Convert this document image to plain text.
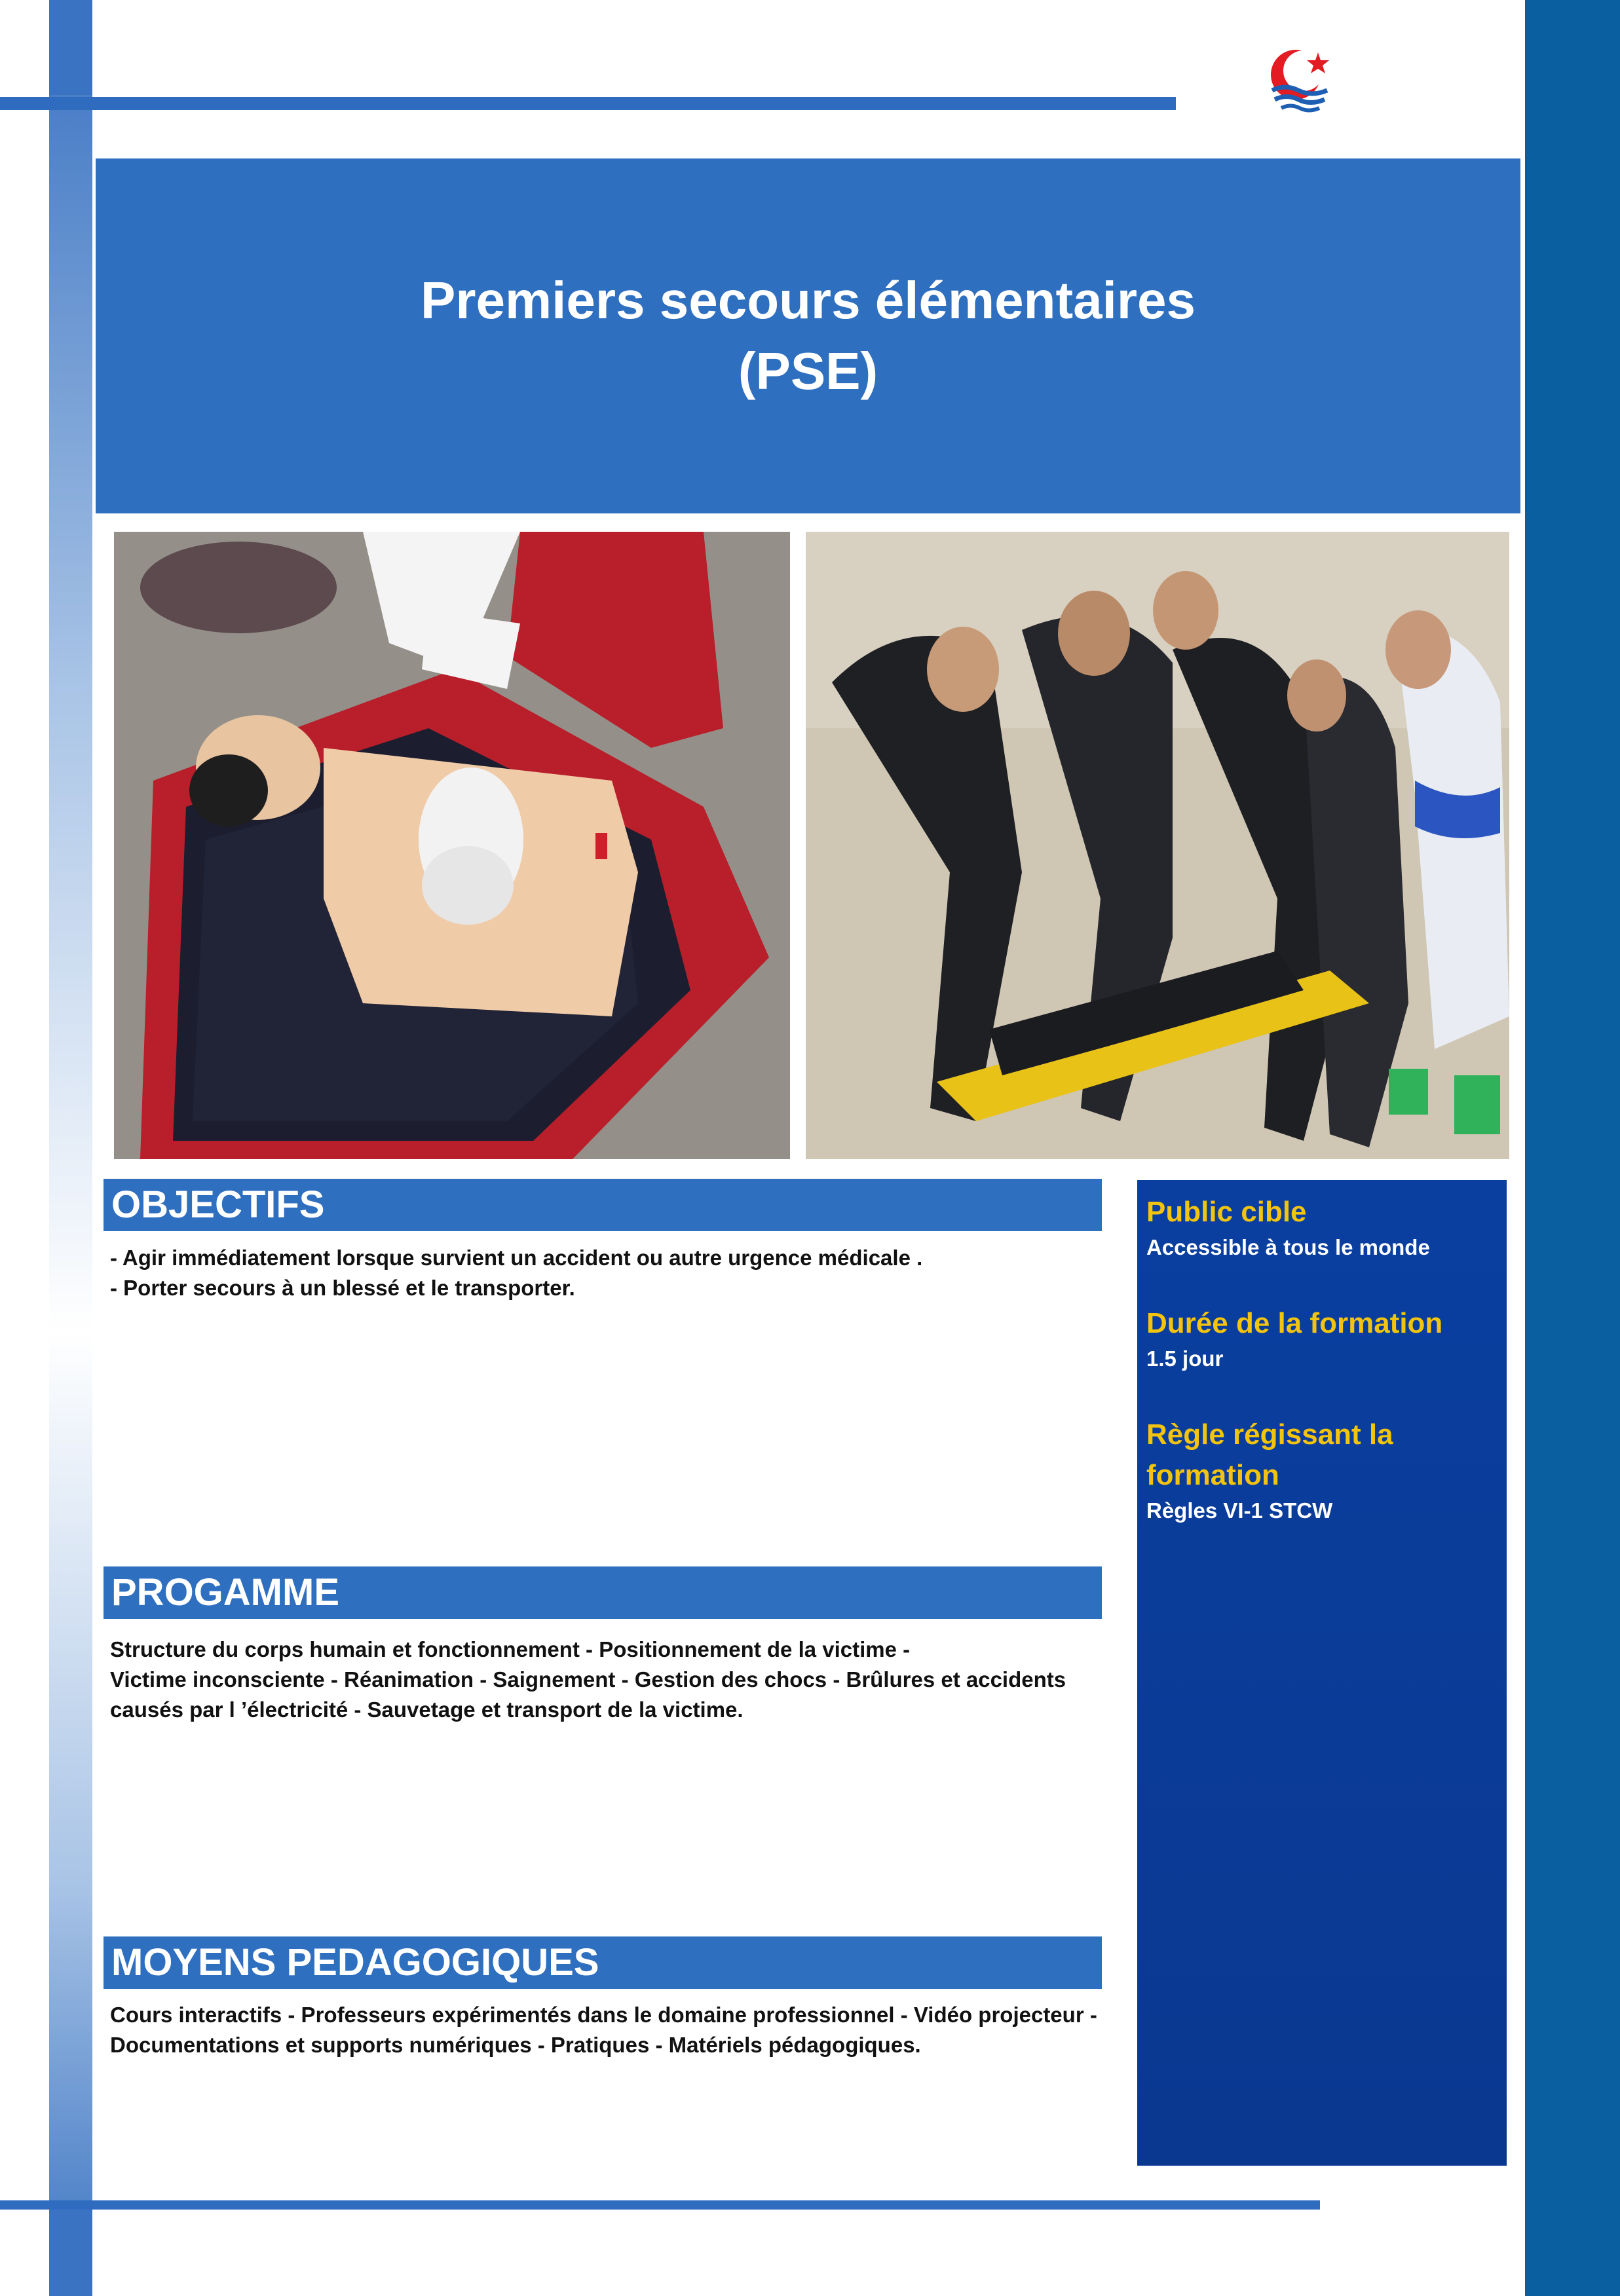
Premiers secours élémentaires
(PSE)
OBJECTIFS
- Agir immédiatement lorsque survient un accident ou autre urgence médicale .
- Porter secours à un blessé et le transporter.
PROGAMME
Structure du corps humain et fonctionnement - Positionnement de la victime -
Victime inconsciente - Réanimation - Saignement - Gestion des chocs - Brûlures et accidents
causés par l ’électricité - Sauvetage et transport de la victime.
MOYENS PEDAGOGIQUES
Cours interactifs - Professeurs expérimentés dans le domaine professionnel - Vidéo projecteur -
Documentations et supports numériques - Pratiques - Matériels pédagogiques.
Public cible
Accessible à tous le monde
Durée de la formation
1.5 jour
Règle régissant la
formation
Règles VI-1 STCW
